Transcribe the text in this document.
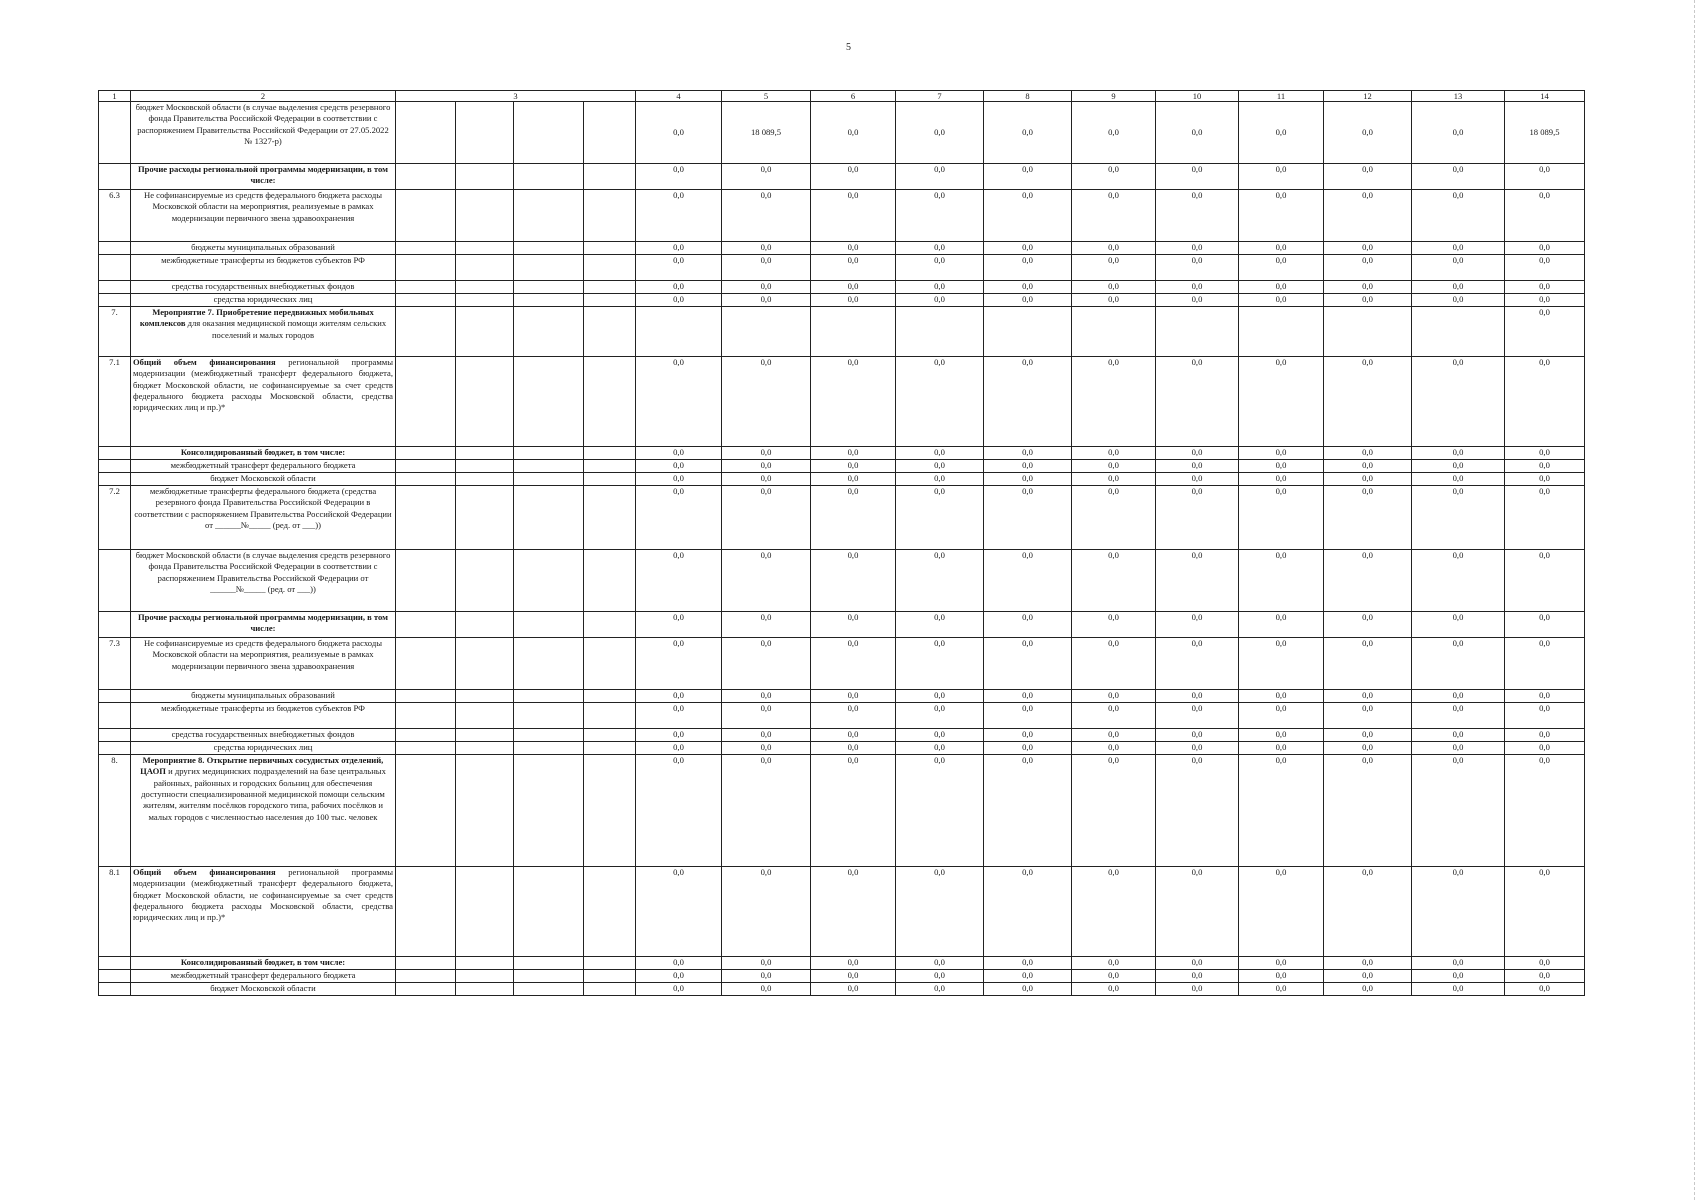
5
1	2	3				4	5	6	7	8	9	10	11	12	13	14
	бюджет Московской области (в случае выделения средств резервного фонда Правительства Российской Федерации в соответствии с распоряжением Правительства Российской Федерации от 27.05.2022 № 1327-р)					0,0	18 089,5	0,0	0,0	0,0	0,0	0,0	0,0	0,0	0,0	18 089,5
	Прочие расходы региональной программы модернизации, в том числе:					0,0	0,0	0,0	0,0	0,0	0,0	0,0	0,0	0,0	0,0	0,0
6.3	Не софинансируемые из средств федерального бюджета расходы Московской области на мероприятия, реализуемые в рамках модернизации первичного звена здравоохранения					0,0	0,0	0,0	0,0	0,0	0,0	0,0	0,0	0,0	0,0	0,0
	бюджеты муниципальных образований					0,0	0,0	0,0	0,0	0,0	0,0	0,0	0,0	0,0	0,0	0,0
	межбюджетные трансферты из бюджетов субъектов РФ					0,0	0,0	0,0	0,0	0,0	0,0	0,0	0,0	0,0	0,0	0,0
	средства государственных внебюджетных фондов					0,0	0,0	0,0	0,0	0,0	0,0	0,0	0,0	0,0	0,0	0,0
	средства юридических лиц					0,0	0,0	0,0	0,0	0,0	0,0	0,0	0,0	0,0	0,0	0,0
7.	Мероприятие 7. Приобретение передвижных мобильных комплексов для оказания медицинской помощи жителям сельских поселений и малых городов															0,0
7.1	Общий объем финансирования региональной программы модернизации (межбюджетный трансферт федерального бюджета, бюджет Московской области, не софинансируемые за счет средств федерального бюджета расходы Московской области, средства юридических лиц и пр.)*					0,0	0,0	0,0	0,0	0,0	0,0	0,0	0,0	0,0	0,0	0,0
	Консолидированный бюджет, в том числе:					0,0	0,0	0,0	0,0	0,0	0,0	0,0	0,0	0,0	0,0	0,0
	межбюджетный трансферт федерального бюджета					0,0	0,0	0,0	0,0	0,0	0,0	0,0	0,0	0,0	0,0	0,0
	бюджет Московской области					0,0	0,0	0,0	0,0	0,0	0,0	0,0	0,0	0,0	0,0	0,0
7.2	межбюджетные трансферты федерального бюджета (средства резервного фонда Правительства Российской Федерации в соответствии с распоряжением Правительства Российской Федерации от ______№_____ (ред. от ___))					0,0	0,0	0,0	0,0	0,0	0,0	0,0	0,0	0,0	0,0	0,0
	бюджет Московской области (в случае выделения средств резервного фонда Правительства Российской Федерации в соответствии с распоряжением Правительства Российской Федерации от ______№_____ (ред. от ___))					0,0	0,0	0,0	0,0	0,0	0,0	0,0	0,0	0,0	0,0	0,0
	Прочие расходы региональной программы модернизации, в том числе:					0,0	0,0	0,0	0,0	0,0	0,0	0,0	0,0	0,0	0,0	0,0
7.3	Не софинансируемые из средств федерального бюджета расходы Московской области на мероприятия, реализуемые в рамках модернизации первичного звена здравоохранения					0,0	0,0	0,0	0,0	0,0	0,0	0,0	0,0	0,0	0,0	0,0
	бюджеты муниципальных образований					0,0	0,0	0,0	0,0	0,0	0,0	0,0	0,0	0,0	0,0	0,0
	межбюджетные трансферты из бюджетов субъектов РФ					0,0	0,0	0,0	0,0	0,0	0,0	0,0	0,0	0,0	0,0	0,0
	средства государственных внебюджетных фондов					0,0	0,0	0,0	0,0	0,0	0,0	0,0	0,0	0,0	0,0	0,0
	средства юридических лиц					0,0	0,0	0,0	0,0	0,0	0,0	0,0	0,0	0,0	0,0	0,0
8.	Мероприятие 8. Открытие первичных сосудистых отделений, ЦАОП и других медицинских подразделений на базе центральных районных, районных и городских больниц для обеспечения доступности специализированной медицинской помощи сельским жителям, жителям посёлков городского типа, рабочих посёлков и малых городов с численностью населения до 100 тыс. человек					0,0	0,0	0,0	0,0	0,0	0,0	0,0	0,0	0,0	0,0	0,0
8.1	Общий объем финансирования региональной программы модернизации (межбюджетный трансферт федерального бюджета, бюджет Московской области, не софинансируемые за счет средств федерального бюджета расходы Московской области, средства юридических лиц и пр.)*					0,0	0,0	0,0	0,0	0,0	0,0	0,0	0,0	0,0	0,0	0,0
	Консолидированный бюджет, в том числе:					0,0	0,0	0,0	0,0	0,0	0,0	0,0	0,0	0,0	0,0	0,0
	межбюджетный трансферт федерального бюджета					0,0	0,0	0,0	0,0	0,0	0,0	0,0	0,0	0,0	0,0	0,0
	бюджет Московской области					0,0	0,0	0,0	0,0	0,0	0,0	0,0	0,0	0,0	0,0	0,0
